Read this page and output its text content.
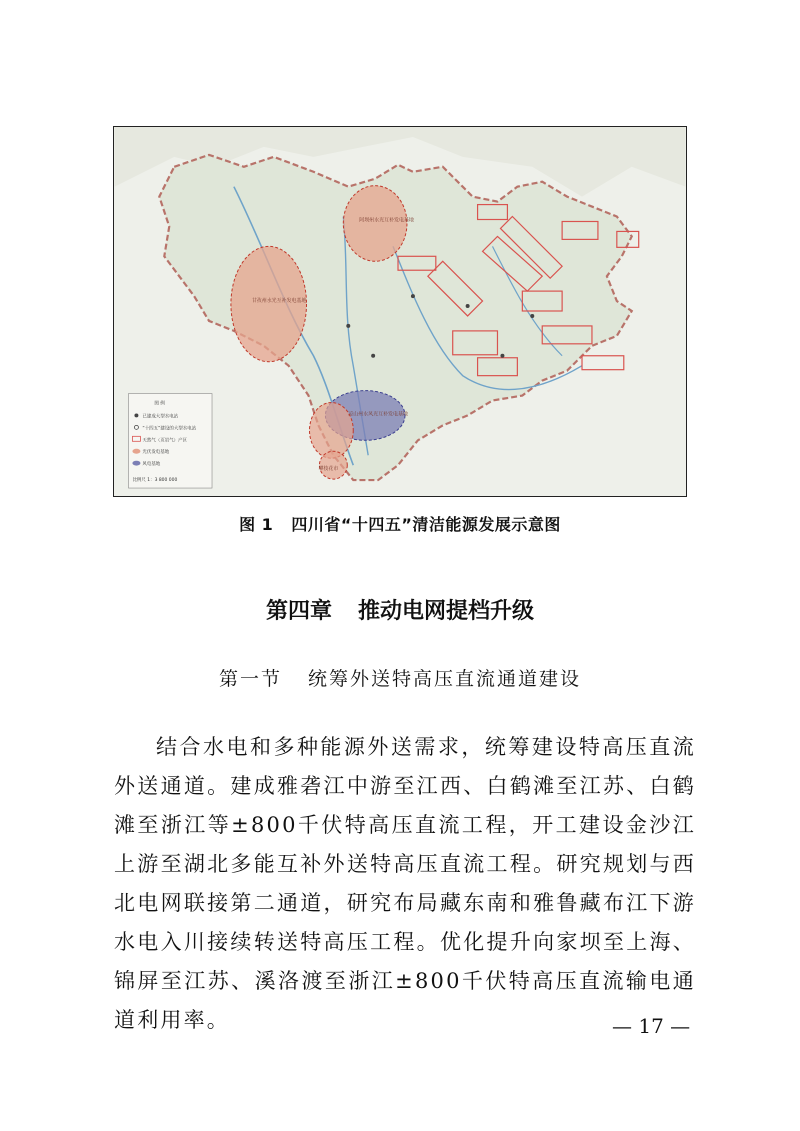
甘孜州水光互补发电基地
阿坝州水光互补发电基地
凉山州水风光互补发电基地
攀枝花市
图 例
已建成大型水电站
“十四五”建设的大型水电站
天然气（页岩气）产区
光伏发电基地
风电基地
比例尺 1：3 800 000
图 1 四川省“十四五”清洁能源发展示意图
第四章 推动电网提档升级
第一节 统筹外送特高压直流通道建设

结合水电和多种能源外送需求，统筹建设特高压直流外送通道。建成雅砻江中游至江西、白鹤滩至江苏、白鹤滩至浙江等±800千伏特高压直流工程，开工建设金沙江上游至湖北多能互补外送特高压直流工程。研究规划与西北电网联接第二通道，研究布局藏东南和雅鲁藏布江下游水电入川接续转送特高压工程。优化提升向家坝至上海、锦屏至江苏、溪洛渡至浙江±800千伏特高压直流输电通道利用率。	— 17 —
